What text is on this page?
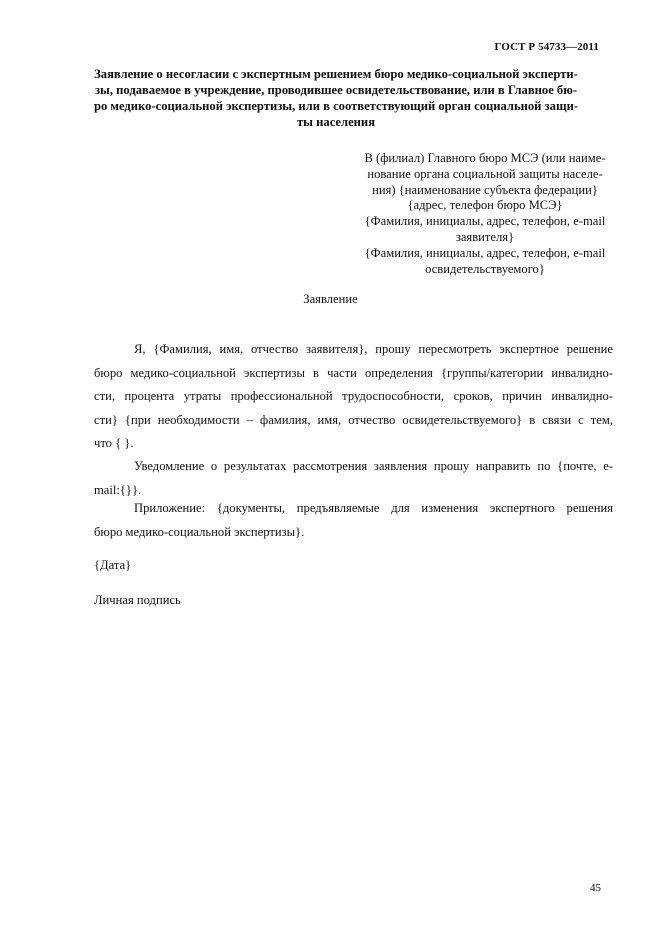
ГОСТ Р 54733—2011
Заявление о несогласии с экспертным решением бюро медико-социальной эксперти-
зы, подаваемое в учреждение, проводившее освидетельствование, или в Главное бю-
ро медико-социальной экспертизы, или в соответствующий орган социальной защи-
ты населения
В (филиал) Главного бюро МСЭ (или наиме-
нование органа социальной защиты населе-
ния) {наименование субъекта федерации}
{адрес, телефон бюро МСЭ}
{Фамилия, инициалы, адрес, телефон, e-mail
заявителя}
{Фамилия, инициалы, адрес, телефон, e-mail
освидетельствуемого}
Заявление
Я, {Фамилия, имя, отчество заявителя}, прошу пересмотреть экспертное решение
бюро медико-социальной экспертизы в части определения {группы/категории инвалидно-
сти, процента утраты профессиональной трудоспособности, сроков, причин инвалидно-
сти} {при необходимости – фамилия, имя, отчество освидетельствуемого} в связи с тем,
что { }.
Уведомление о результатах рассмотрения заявления прошу направить по {почте, e-
mail:{}}.
Приложение: {документы, предъявляемые для изменения экспертного решения
бюро медико-социальной экспертизы}.
{Дата}
Личная подпись
45
